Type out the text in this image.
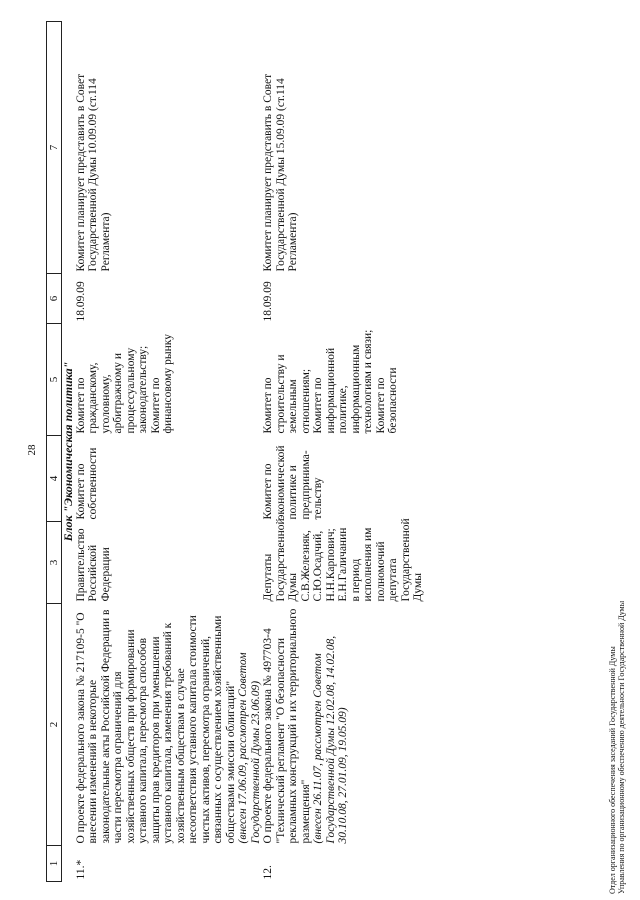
28
1	2	3	4	5	6	7
Блок "Экономическая политика"						
11.*	О проекте федерального закона № 217109-5 "О внесении изменений в некоторые законодательные акты Российской Федерации в части пересмотра ограничений для хозяйственных обществ при формировании уставного капитала, пересмотра способов защиты прав кредиторов при уменьшении уставного капитала, изменения требований к хозяйственным обществам в случае несоответствия уставного капитала стоимости чистых активов, пересмотра ограничений, связанных с осуществлением хозяйственными обществами эмиссии облигаций" (внесен 17.06.09, рассмотрен Советом Государственной Думы 23.06.09)	Правительство Российской Федерации	Комитет по собственности	Комитет по гражданскому, уголовному, арбитражному и процессуальному законодательству; Комитет по финансовому рынку	18.09.09	Комитет планирует представить в Совет Государственной Думы 10.09.09 (ст.114 Регламента)
12.	О проекте федерального закона № 497703-4 "Технический регламент "О безопасности рекламных конструкций и их территориального размещения" (внесен 26.11.07, рассмотрен Советом Государственной Думы 12.02.08, 14.02.08, 30.10.08, 27.01.09, 19.05.09)	Депутаты Государственной Думы С.В.Железняк, С.Ю.Осадчий, Н.Н.Карпович; Е.Н.Галичанин в период исполнения им полномочий депутата Государственной Думы	Комитет по экономической политике и предпринима-тельству	Комитет по строительству и земельным отношениям; Комитет по информационной политике, информационным технологиям и связи; Комитет по безопасности	18.09.09	Комитет планирует представить в Совет Государственной Думы 15.09.09 (ст.114 Регламента)
Отдел организационного обеспечения заседаний Государственной Думы Управления по организационному обеспечению деятельности Государственной Думы
